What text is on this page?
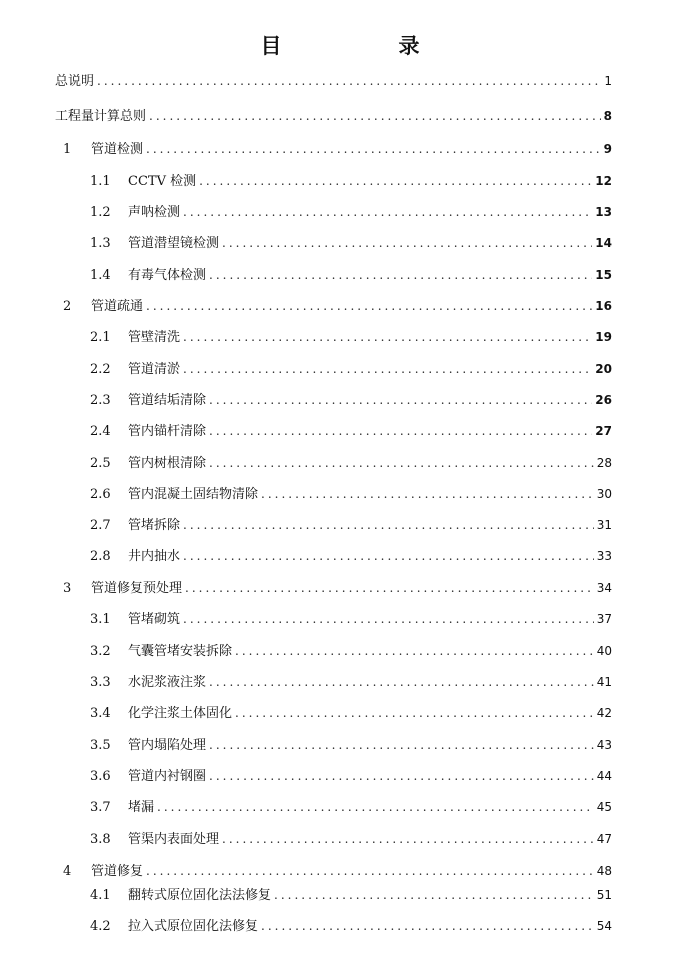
目　录
总说明 .....	1
工程量计算总则 .....	8
1	管道检测 .....	9
1.1	CCTV 检测 .....	12
1.2	声呐检测 .....	13
1.3	管道潜望镜检测 .....	14
1.4	有毒气体检测 .....	15
2	管道疏通 .....	16
2.1	管壁清洗 .....	19
2.2	管道清淤 .....	20
2.3	管道结垢清除 .....	26
2.4	管内锚杆清除 .....	27
2.5	管内树根清除 .....	28
2.6	管内混凝土固结物清除 .....	30
2.7	管堵拆除 .....	31
2.8	井内抽水 .....	33
3	管道修复预处理 .....	34
3.1	管堵砌筑 .....	37
3.2	气囊管堵安装拆除 .....	40
3.3	水泥浆液注浆 .....	41
3.4	化学注浆土体固化 .....	42
3.5	管内塌陷处理 .....	43
3.6	管道内衬钢圈 .....	44
3.7	堵漏 .....	45
3.8	管渠内表面处理 .....	47
4	管道修复 .....	48
4.1	翻转式原位固化法法修复 .....	51
4.2	拉入式原位固化法修复 .....	54
